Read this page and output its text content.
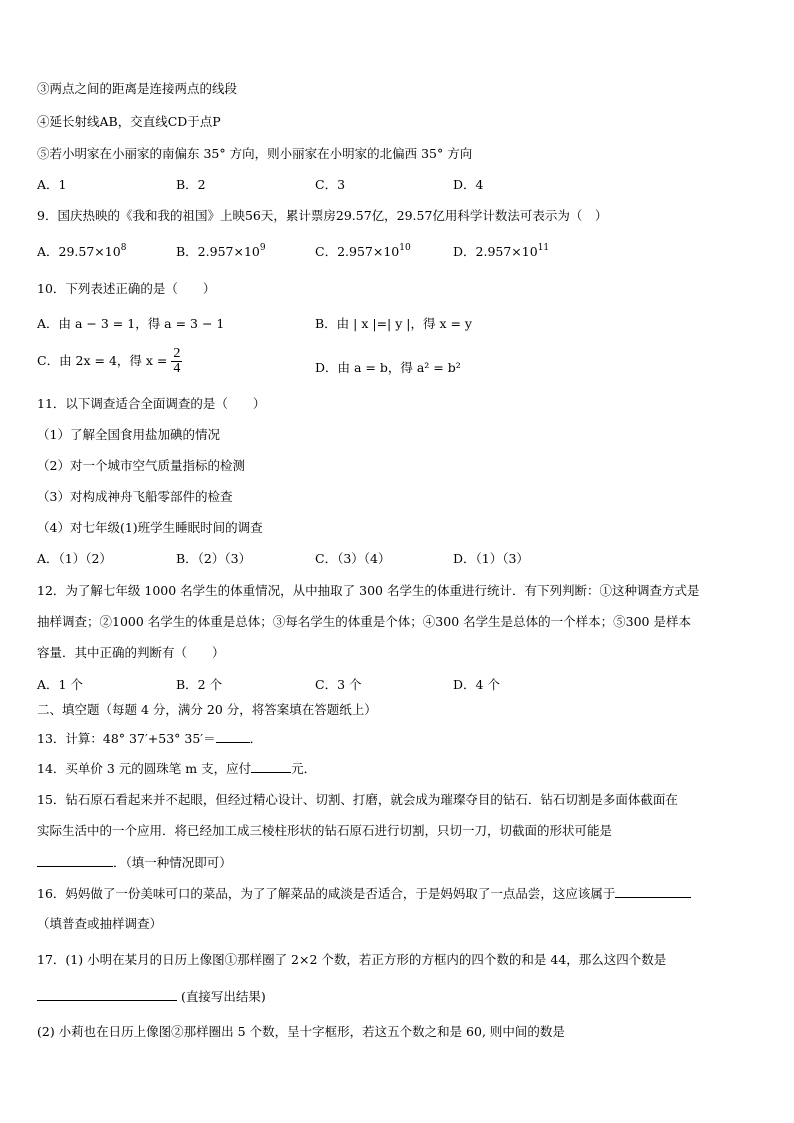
③两点之间的距离是连接两点的线段
④延长射线AB，交直线CD于点P
⑤若小明家在小丽家的南偏东 35° 方向，则小丽家在小明家的北偏西 35° 方向
A．1	B．2	C．3	D．4
9．国庆热映的《我和我的祖国》上映56天，累计票房29.57亿，29.57亿用科学计数法可表示为（　）
A．$29.57\times 10^8$	B．$2.957\times 10^9$	C．$2.957\times 10^{10}$	D．$2.957\times 10^{11}$
10．下列表述正确的是（　　）
A．由 a − 3 = 1，得 a = 3 − 1	B．由 | x |=| y |，得 x = y
C．由 2x = 4，得 $x = \frac{2}{4}$	D．由 a = b，得 a² = b²
11．以下调查适合全面调查的是（　　）
（1）了解全国食用盐加碘的情况
（2）对一个城市空气质量指标的检测
（3）对构成神舟飞船零部件的检查
（4）对七年级(1)班学生睡眠时间的调查
A．（1）（2）	B．（2）（3）	C．（3）（4）	D．（1）（3）
12．为了解七年级 1000 名学生的体重情况，从中抽取了 300 名学生的体重进行统计．有下列判断：①这种调查方式是
抽样调查；②1000 名学生的体重是总体；③每名学生的体重是个体；④300 名学生是总体的一个样本；⑤300 是样本
容量．其中正确的判断有（　　）
A．1 个	B．2 个	C．3 个	D．4 个
二、填空题（每题 4 分，满分 20 分，将答案填在答题纸上）
13．计算：48° 37′+53° 35′＝	．
14．买单价 3 元的圆珠笔 m 支，应付	元．
15．钻石原石看起来并不起眼，但经过精心设计、切割、打磨，就会成为璀璨夺目的钻石．钻石切割是多面体截面在
实际生活中的一个应用．将已经加工成三棱柱形状的钻石原石进行切割，只切一刀，切截面的形状可能是
．（填一种情况即可）
16．妈妈做了一份美味可口的菜品，为了了解菜品的咸淡是否适合，于是妈妈取了一点品尝，这应该属于
（填普查或抽样调查）
17．(1) 小明在某月的日历上像图①那样圈了 2×2 个数，若正方形的方框内的四个数的和是 44，那么这四个数是
(直接写出结果)
(2) 小莉也在日历上像图②那样圈出 5 个数，呈十字框形，若这五个数之和是 60, 则中间的数是
